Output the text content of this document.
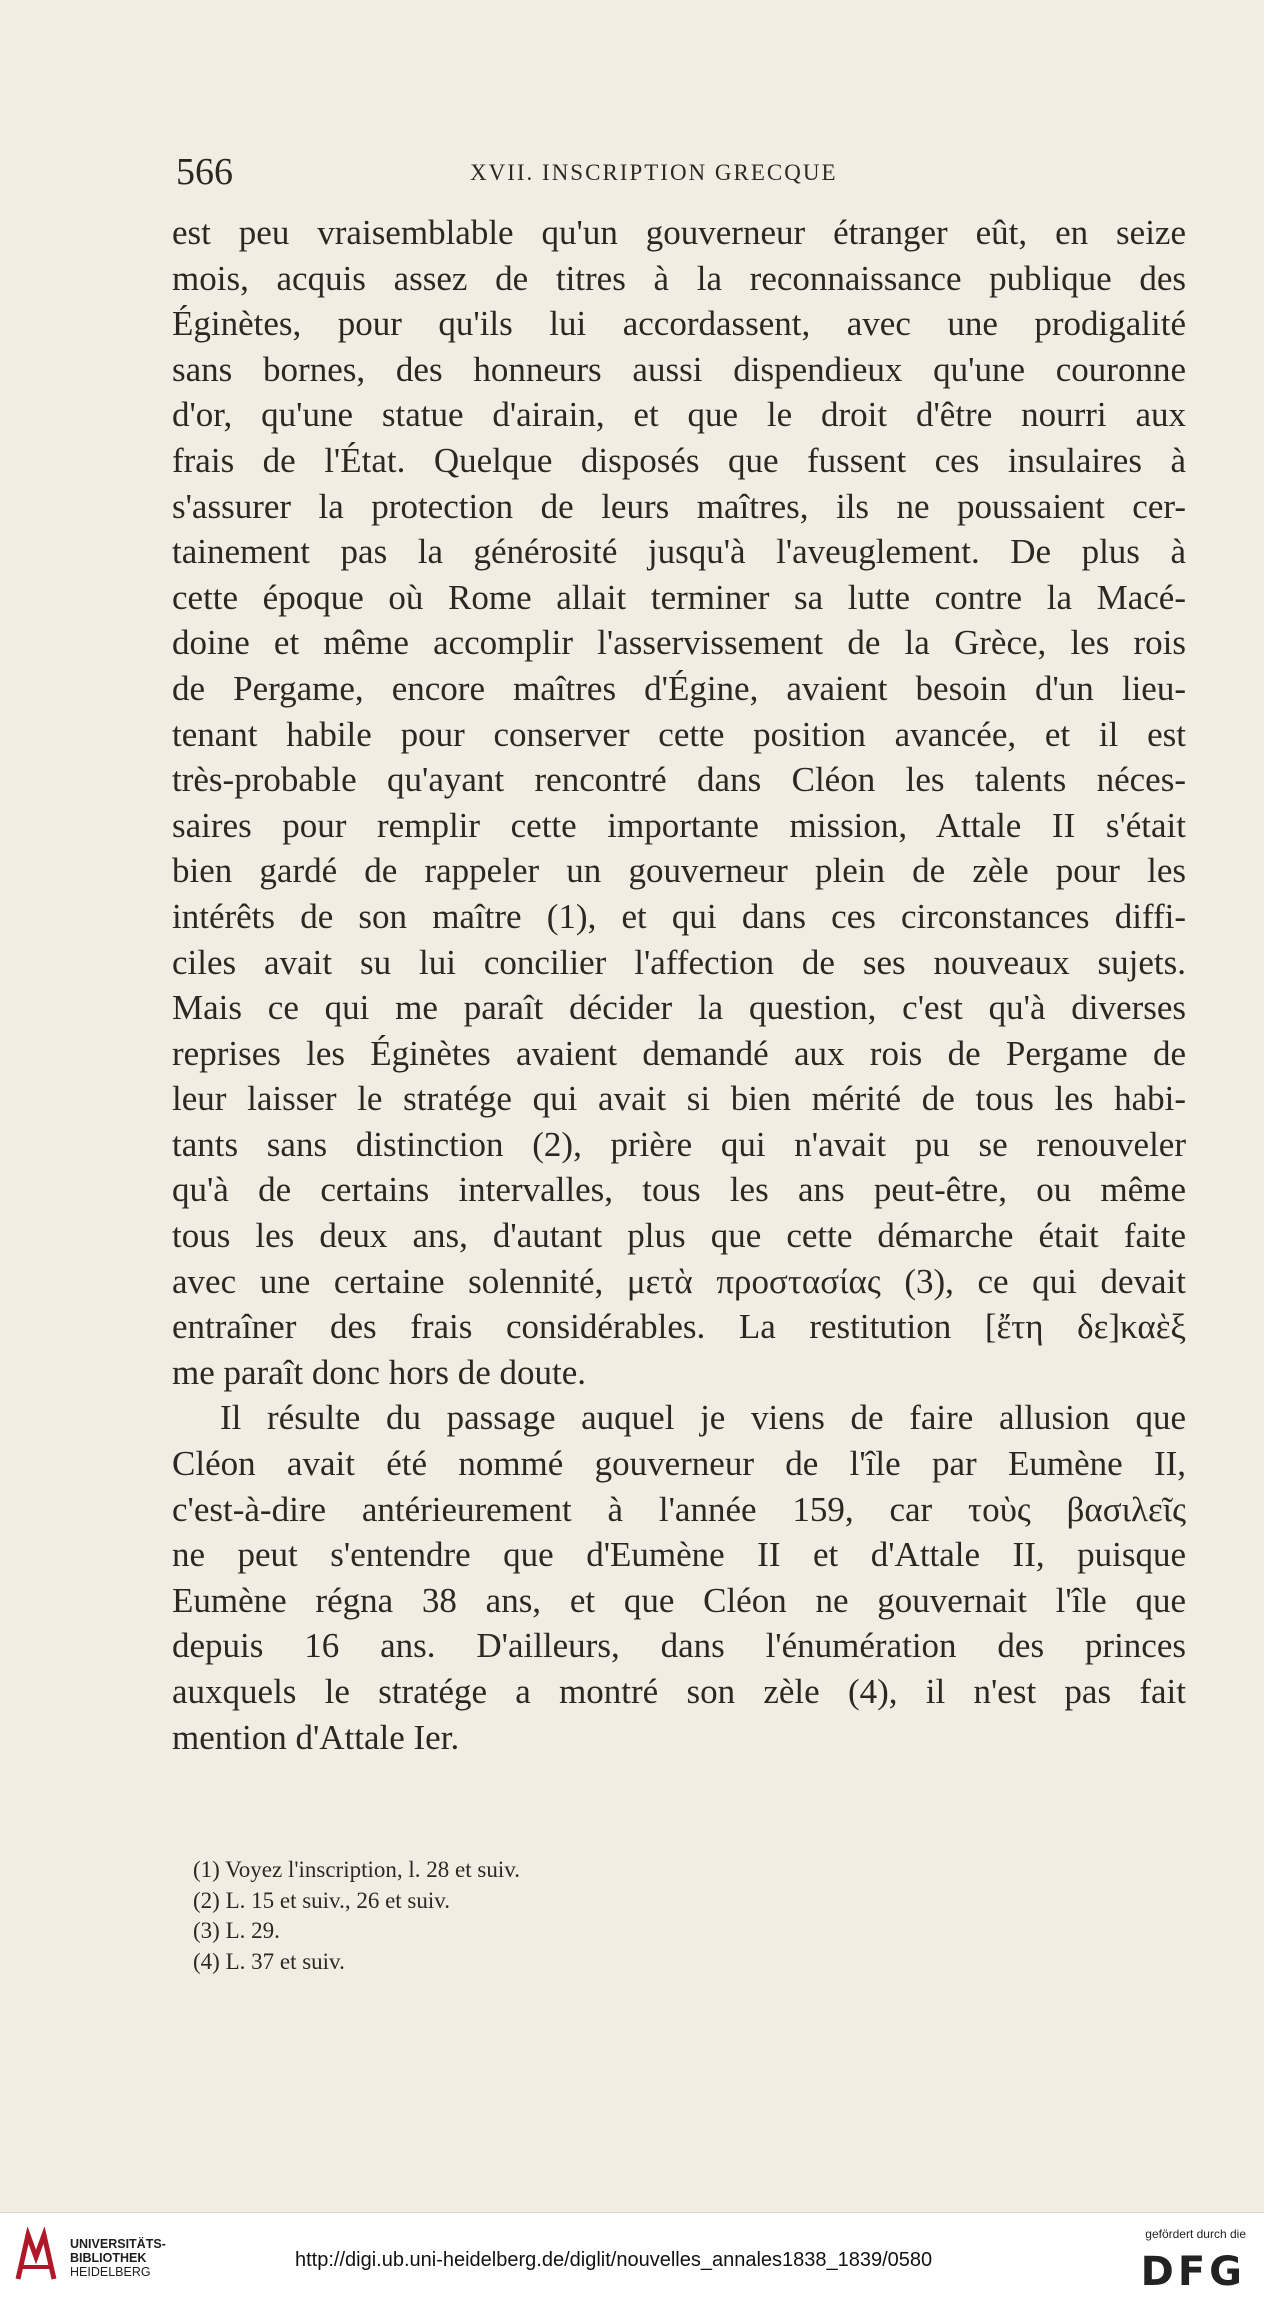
566	XVII. INSCRIPTION GRECQUE
est peu vraisemblable qu'un gouverneur étranger eût, en seize
mois, acquis assez de titres à la reconnaissance publique des
Éginètes, pour qu'ils lui accordassent, avec une prodigalité
sans bornes, des honneurs aussi dispendieux qu'une couronne
d'or, qu'une statue d'airain, et que le droit d'être nourri aux
frais de l'État. Quelque disposés que fussent ces insulaires à
s'assurer la protection de leurs maîtres, ils ne poussaient cer-
tainement pas la générosité jusqu'à l'aveuglement. De plus à
cette époque où Rome allait terminer sa lutte contre la Macé-
doine et même accomplir l'asservissement de la Grèce, les rois
de Pergame, encore maîtres d'Égine, avaient besoin d'un lieu-
tenant habile pour conserver cette position avancée, et il est
très-probable qu'ayant rencontré dans Cléon les talents néces-
saires pour remplir cette importante mission, Attale II s'était
bien gardé de rappeler un gouverneur plein de zèle pour les
intérêts de son maître (1), et qui dans ces circonstances diffi-
ciles avait su lui concilier l'affection de ses nouveaux sujets.
Mais ce qui me paraît décider la question, c'est qu'à diverses
reprises les Éginètes avaient demandé aux rois de Pergame de
leur laisser le stratége qui avait si bien mérité de tous les habi-
tants sans distinction (2), prière qui n'avait pu se renouveler
qu'à de certains intervalles, tous les ans peut-être, ou même
tous les deux ans, d'autant plus que cette démarche était faite
avec une certaine solennité, μετὰ προστασίας (3), ce qui devait
entraîner des frais considérables. La restitution [ἔτη δε]καὲξ
me paraît donc hors de doute.
Il résulte du passage auquel je viens de faire allusion que
Cléon avait été nommé gouverneur de l'île par Eumène II,
c'est-à-dire antérieurement à l'année 159, car τοὺς βασιλεῖς
ne peut s'entendre que d'Eumène II et d'Attale II, puisque
Eumène régna 38 ans, et que Cléon ne gouvernait l'île que
depuis 16 ans. D'ailleurs, dans l'énumération des princes
auxquels le stratége a montré son zèle (4), il n'est pas fait
mention d'Attale Ier.
(1) Voyez l'inscription, l. 28 et suiv.
(2) L. 15 et suiv., 26 et suiv.
(3) L. 29.
(4) L. 37 et suiv.
UNIVERSITÄTS-
BIBLIOTHEK
HEIDELBERG
http://digi.ub.uni-heidelberg.de/diglit/nouvelles_annales1838_1839/0580
gefördert durch die
DFG
